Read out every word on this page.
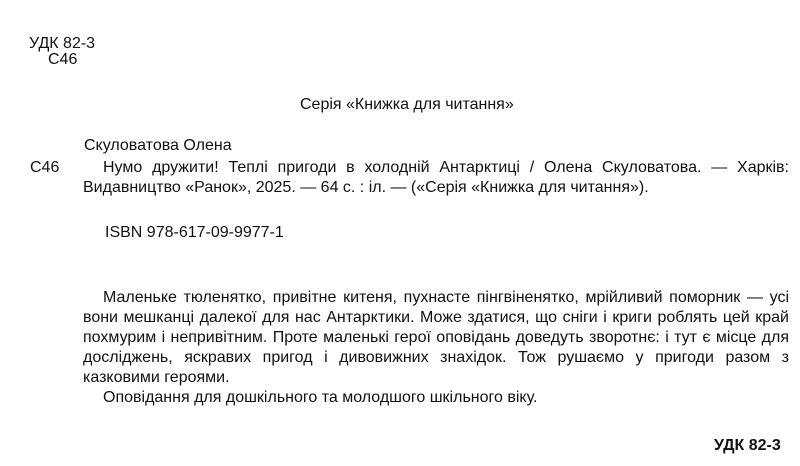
УДК 82-3
С46
Серія «Книжка для читання»
Скуловатова Олена
С46	Нумо дружити! Теплі пригоди в холодній Антарктиці / Олена Скуловатова. — Харків: Видавництво «Ранок», 2025. — 64 с. : іл. — («Серія «Книжка для читання»).
ISBN 978-617-09-9977-1

Маленьке тюленятко, привітне китеня, пухнасте пінгвіненятко, мрійливий поморник — усі вони мешканці далекої для нас Антарктики. Може здатися, що сніги і криги роблять цей край похмурим і непривітним. Проте маленькі герої оповідань доведуть зворотнє: і тут є місце для досліджень, яскравих пригод і дивовижних знахідок. Тож рушаємо у пригоди разом з казковими героями.

Оповідання для дошкільного та молодшого шкільного віку.

УДК 82-3
